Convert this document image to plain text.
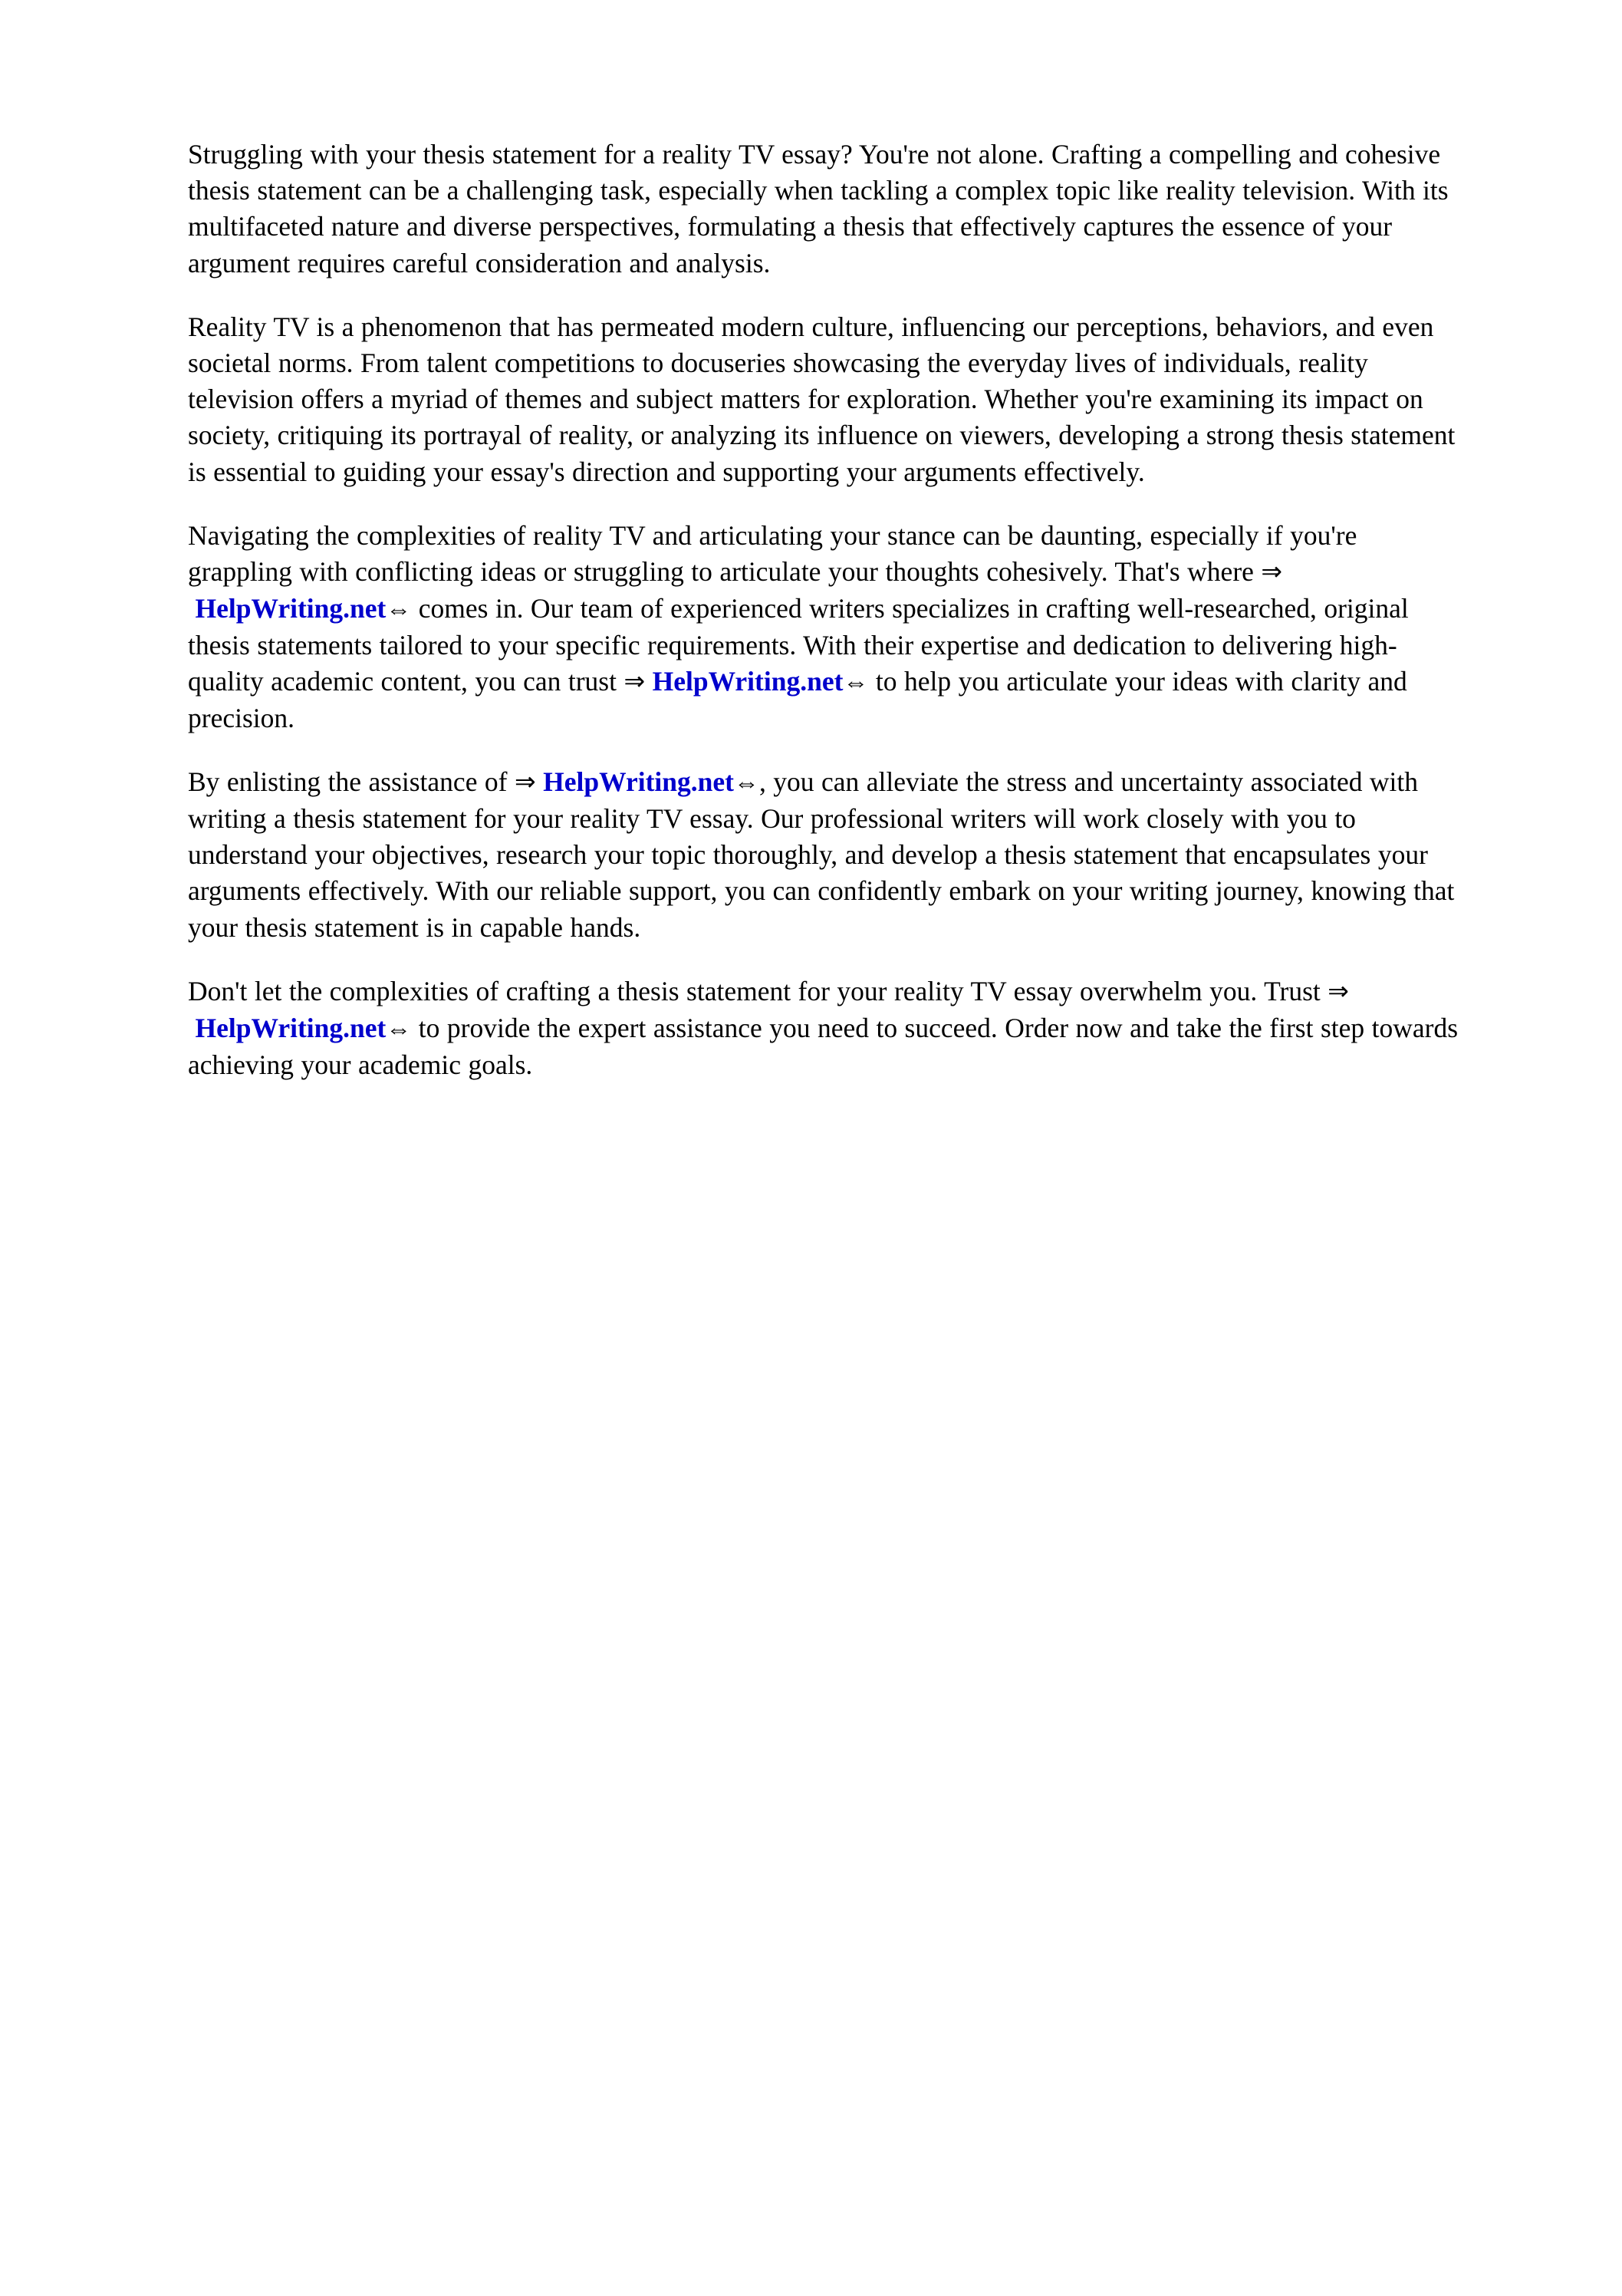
Struggling with your thesis statement for a reality TV essay? You're not alone. Crafting a compelling and cohesive thesis statement can be a challenging task, especially when tackling a complex topic like reality television. With its multifaceted nature and diverse perspectives, formulating a thesis that effectively captures the essence of your argument requires careful consideration and analysis.

Reality TV is a phenomenon that has permeated modern culture, influencing our perceptions, behaviors, and even societal norms. From talent competitions to docuseries showcasing the everyday lives of individuals, reality television offers a myriad of themes and subject matters for exploration. Whether you're examining its impact on society, critiquing its portrayal of reality, or analyzing its influence on viewers, developing a strong thesis statement is essential to guiding your essay's direction and supporting your arguments effectively.

Navigating the complexities of reality TV and articulating your stance can be daunting, especially if you're grappling with conflicting ideas or struggling to articulate your thoughts cohesively. That's where ⇒ HelpWriting.net⇔ comes in. Our team of experienced writers specializes in crafting well-researched, original thesis statements tailored to your specific requirements. With their expertise and dedication to delivering high-quality academic content, you can trust ⇒ HelpWriting.net⇔ to help you articulate your ideas with clarity and precision.

By enlisting the assistance of ⇒ HelpWriting.net⇔, you can alleviate the stress and uncertainty associated with writing a thesis statement for your reality TV essay. Our professional writers will work closely with you to understand your objectives, research your topic thoroughly, and develop a thesis statement that encapsulates your arguments effectively. With our reliable support, you can confidently embark on your writing journey, knowing that your thesis statement is in capable hands.

Don't let the complexities of crafting a thesis statement for your reality TV essay overwhelm you. Trust ⇒ HelpWriting.net⇔ to provide the expert assistance you need to succeed. Order now and take the first step towards achieving your academic goals.
